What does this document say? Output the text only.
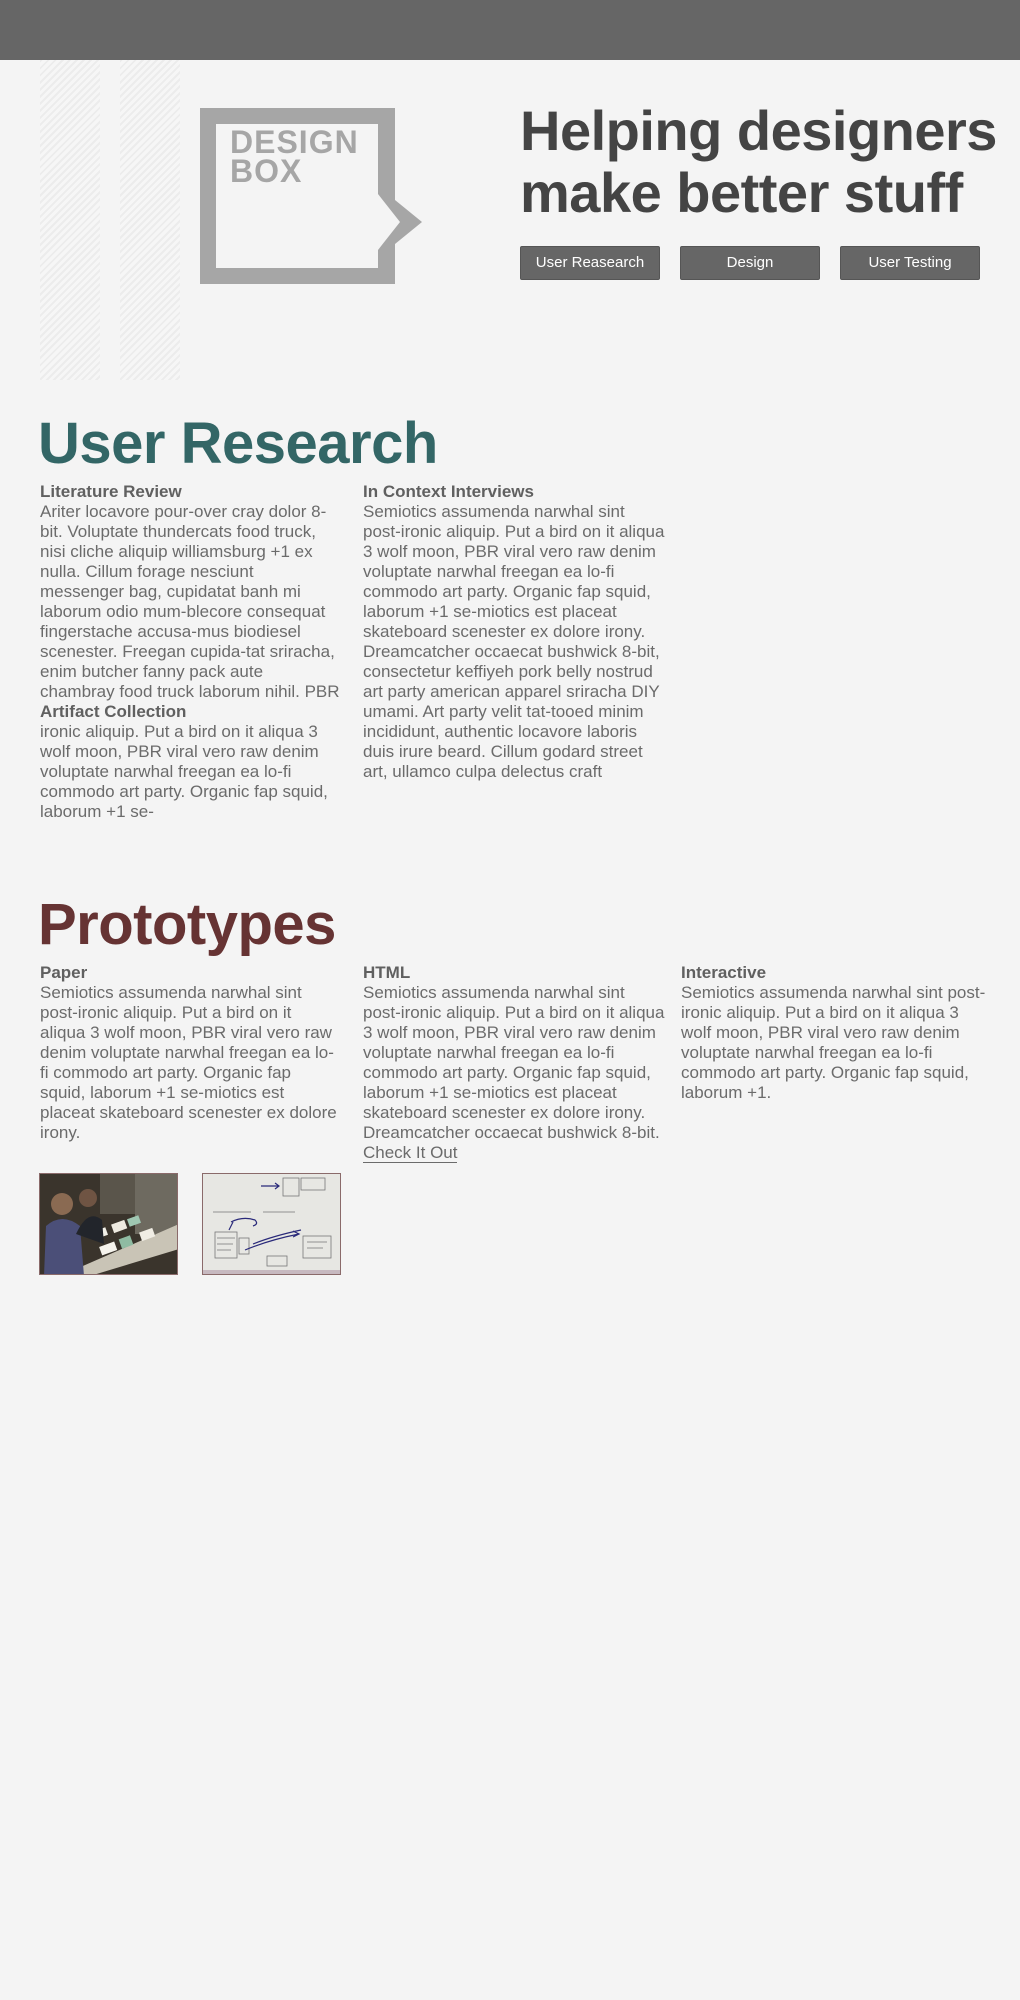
DESIGN
BOX

Helping designers
make better stuff
User Reasearch	Design	User Testing
User Research
Literature Review

Ariter locavore pour-over cray dolor 8-bit. Voluptate thundercats food truck, nisi cliche aliquip williamsburg +1 ex nulla. Cillum forage nesciunt messenger bag, cupidatat banh mi laborum odio mum-blecore consequat fingerstache accusa-mus biodiesel scenester. Freegan cupida-tat sriracha, enim butcher fanny pack aute chambray food truck laborum nihil. PBR

Artifact Collection

ironic aliquip. Put a bird on it aliqua 3 wolf moon, PBR viral vero raw denim voluptate narwhal freegan ea lo-fi commodo art party. Organic fap squid, laborum +1 se-

In Context Interviews

Semiotics assumenda narwhal sint post-ironic aliquip. Put a bird on it aliqua 3 wolf moon, PBR viral vero raw denim voluptate narwhal freegan ea lo-fi commodo art party. Organic fap squid, laborum +1 se-miotics est placeat skateboard scenester ex dolore irony. Dreamcatcher occaecat bushwick 8-bit, consectetur keffiyeh pork belly nostrud art party american apparel sriracha DIY umami. Art party velit tat-tooed minim incididunt, authentic locavore laboris duis irure beard. Cillum godard street art, ullamco culpa delectus craft

Prototypes
Paper

Semiotics assumenda narwhal sint post-ironic aliquip. Put a bird on it aliqua 3 wolf moon, PBR viral vero raw denim voluptate narwhal freegan ea lo-fi commodo art party. Organic fap squid, laborum +1 se-miotics est placeat skateboard scenester ex dolore irony.

HTML

Semiotics assumenda narwhal sint post-ironic aliquip. Put a bird on it aliqua 3 wolf moon, PBR viral vero raw denim voluptate narwhal freegan ea lo-fi commodo art party. Organic fap squid, laborum +1 se-miotics est placeat skateboard scenester ex dolore irony. Dreamcatcher occaecat bushwick 8-bit. Check It Out

Interactive

Semiotics assumenda narwhal sint post-ironic aliquip. Put a bird on it aliqua 3 wolf moon, PBR viral vero raw denim voluptate narwhal freegan ea lo-fi commodo art party. Organic fap squid, laborum +1.
